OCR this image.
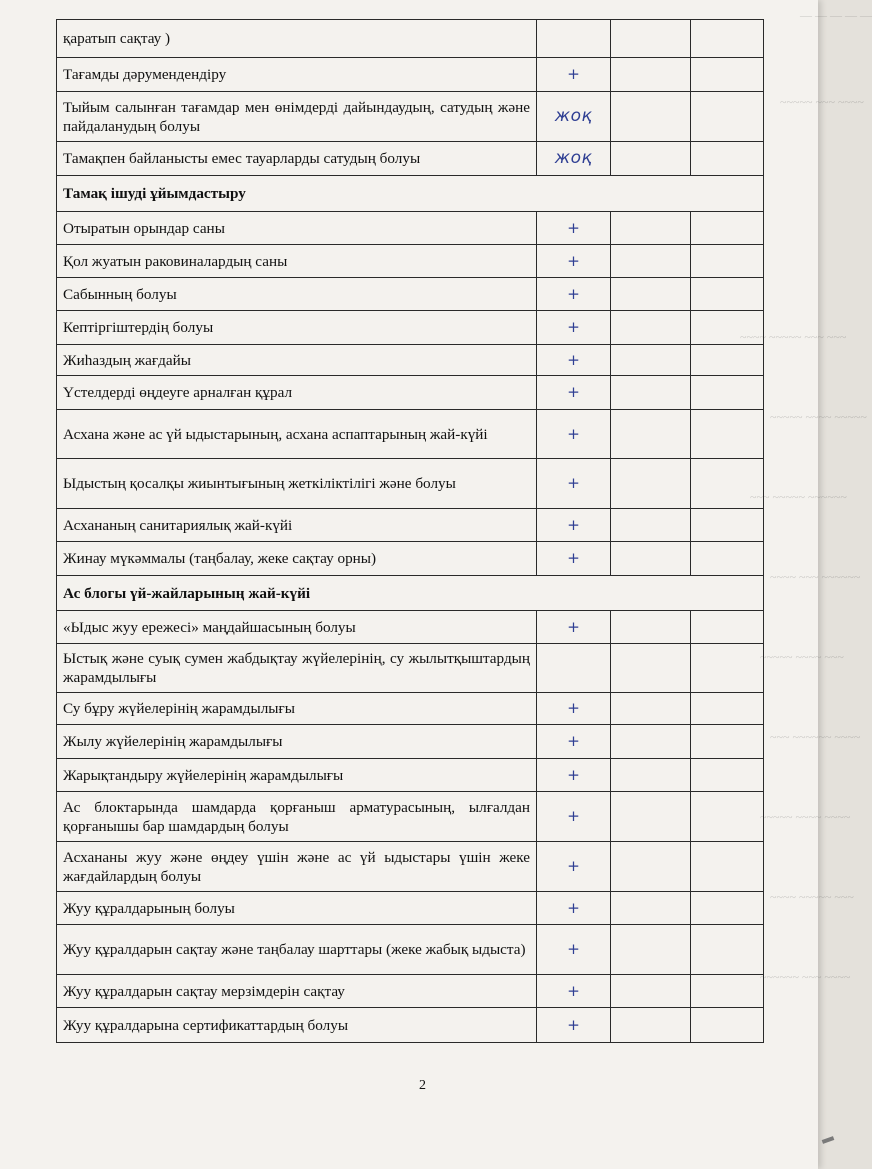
— — — — —
~~~~~ ~~~ ~~~~
~~~~ ~~~~~ ~~~ ~~~
~~~~~ ~~~~ ~~~~~
~~~ ~~~~~ ~~~~~~
~~~~ ~~~ ~~~~~~
~~~~~ ~~~~ ~~~
~~~ ~~~~~~ ~~~~
~~~~~ ~~~~ ~~~~
~~~~ ~~~~~ ~~~
~~~~~~ ~~~ ~~~~
қаратып сақтау )			
Тағамды дәрумендендіру	+		
Тыйым салынған тағамдар мен өнімдерді дайындаудың, сатудың және пайдаланудың болуы	жоқ		
Тамақпен байланысты емес тауарларды сатудың болуы	жоқ		
Тамақ ішуді ұйымдастыру			
Отыратын орындар саны	+		
Қол жуатын раковиналардың саны	+		
Сабынның болуы	+		
Кептіргіштердің болуы	+		
Жиһаздың жағдайы	+		
Үстелдерді өңдеуге арналған құрал	+		
Асхана және ас үй ыдыстарының, асхана аспаптарының жай-күйі	+		
Ыдыстың қосалқы жиынтығының жеткіліктілігі және болуы	+		
Асхананың санитариялық жай-күйі	+		
Жинау мүкәммалы (таңбалау, жеке сақтау орны)	+		
Ас блогы үй-жайларының жай-күйі			
«Ыдыс жуу ережесі» маңдайшасының болуы	+		
Ыстық және суық сумен жабдықтау жүйелерінің, су жылытқыштардың жарамдылығы			
Су бұру жүйелерінің жарамдылығы	+		
Жылу жүйелерінің жарамдылығы	+		
Жарықтандыру жүйелерінің жарамдылығы	+		
Ас блоктарында шамдарда қорғаныш арматурасының, ылғалдан қорғанышы бар шамдардың болуы	+		
Асхананы жуу және өңдеу үшін және ас үй ыдыстары үшін жеке жағдайлардың болуы	+		
Жуу құралдарының болуы	+		
Жуу құралдарын сақтау және таңбалау шарттары (жеке жабық ыдыста)	+		
Жуу құралдарын сақтау мерзімдерін сақтау	+		
Жуу құралдарына сертификаттардың болуы	+		
2
